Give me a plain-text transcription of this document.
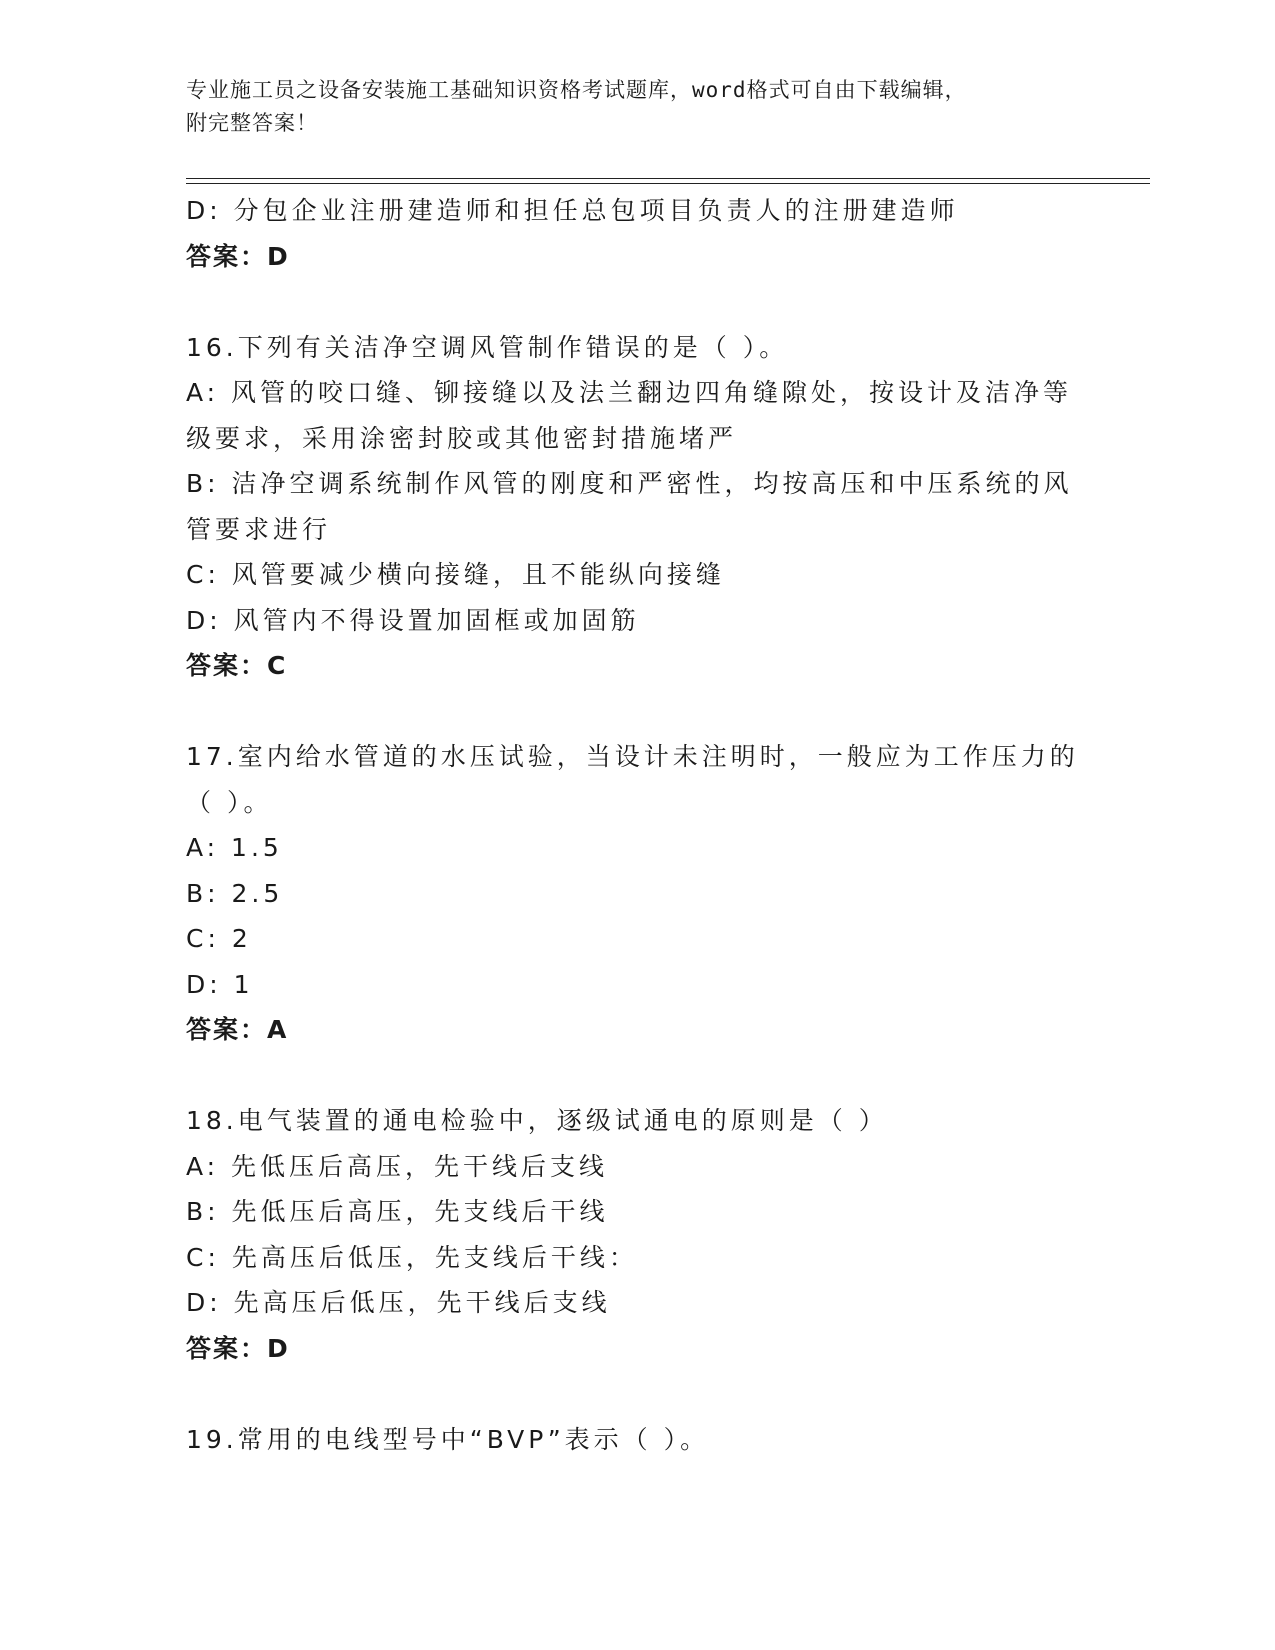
专业施工员之设备安装施工基础知识资格考试题库，word格式可自由下载编辑，
附完整答案！
D: 分包企业注册建造师和担任总包项目负责人的注册建造师
答案：D
16.下列有关洁净空调风管制作错误的是（ ）。
A: 风管的咬口缝、铆接缝以及法兰翻边四角缝隙处，按设计及洁净等
级要求，采用涂密封胶或其他密封措施堵严
B: 洁净空调系统制作风管的刚度和严密性，均按高压和中压系统的风
管要求进行
C: 风管要减少横向接缝，且不能纵向接缝
D: 风管内不得设置加固框或加固筋
答案：C
17.室内给水管道的水压试验，当设计未注明时，一般应为工作压力的
（ ）。
A: 1.5
B: 2.5
C: 2
D: 1
答案：A
18.电气装置的通电检验中，逐级试通电的原则是（ ）
A: 先低压后高压，先干线后支线
B: 先低压后高压，先支线后干线
C: 先高压后低压，先支线后干线：
D: 先高压后低压，先干线后支线
答案：D
19.常用的电线型号中“BVP”表示（ ）。
